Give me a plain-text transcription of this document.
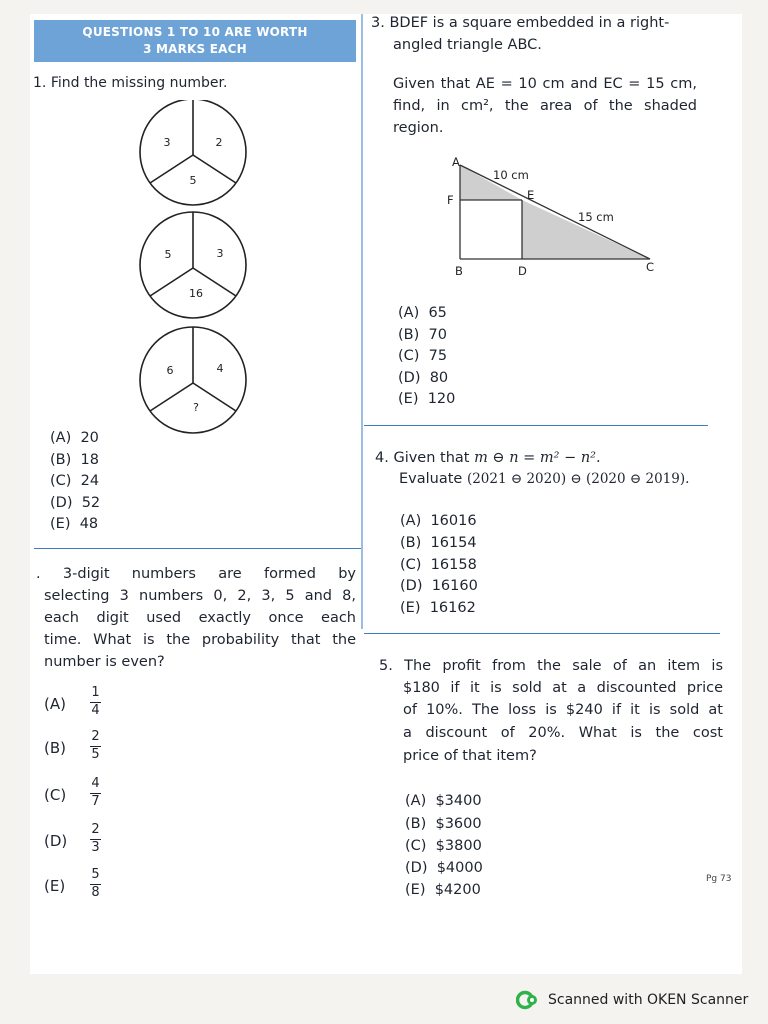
QUESTIONS 1 TO 10 ARE WORTH
3 MARKS EACH
1. Find the missing number.
3	2
5
5	3
16
6	4
?
(A) 20
(B) 18
(C) 24
(D) 52
(E) 48
. 3-digit numbers are formed by
selecting 3 numbers 0, 2, 3, 5 and 8,
each digit used exactly once each
time. What is the probability that the
number is even?
(A)
1
4
(B)
2
5
(C)
4
7
(D)
2
3
(E)
5
8
3. BDEF is a square embedded in a right-
angled triangle ABC.
Given that AE = 10 cm and EC = 15 cm,
find, in cm², the area of the shaded
region.
A
F	E
B	D	C
10 cm
15 cm
(A) 65
(B) 70
(C) 75
(D) 80
(E) 120
4. Given that m ⊖ n = m² − n².
Evaluate (2021 ⊖ 2020) ⊖ (2020 ⊖ 2019).
(A) 16016
(B) 16154
(C) 16158
(D) 16160
(E) 16162
5. The profit from the sale of an item is
$180 if it is sold at a discounted price
of 10%. The loss is $240 if it is sold at
a discount of 20%. What is the cost
price of that item?
(A) $3400
(B) $3600
(C) $3800
(D) $4000
(E) $4200
Pg 73
Scanned with OKEN Scanner
